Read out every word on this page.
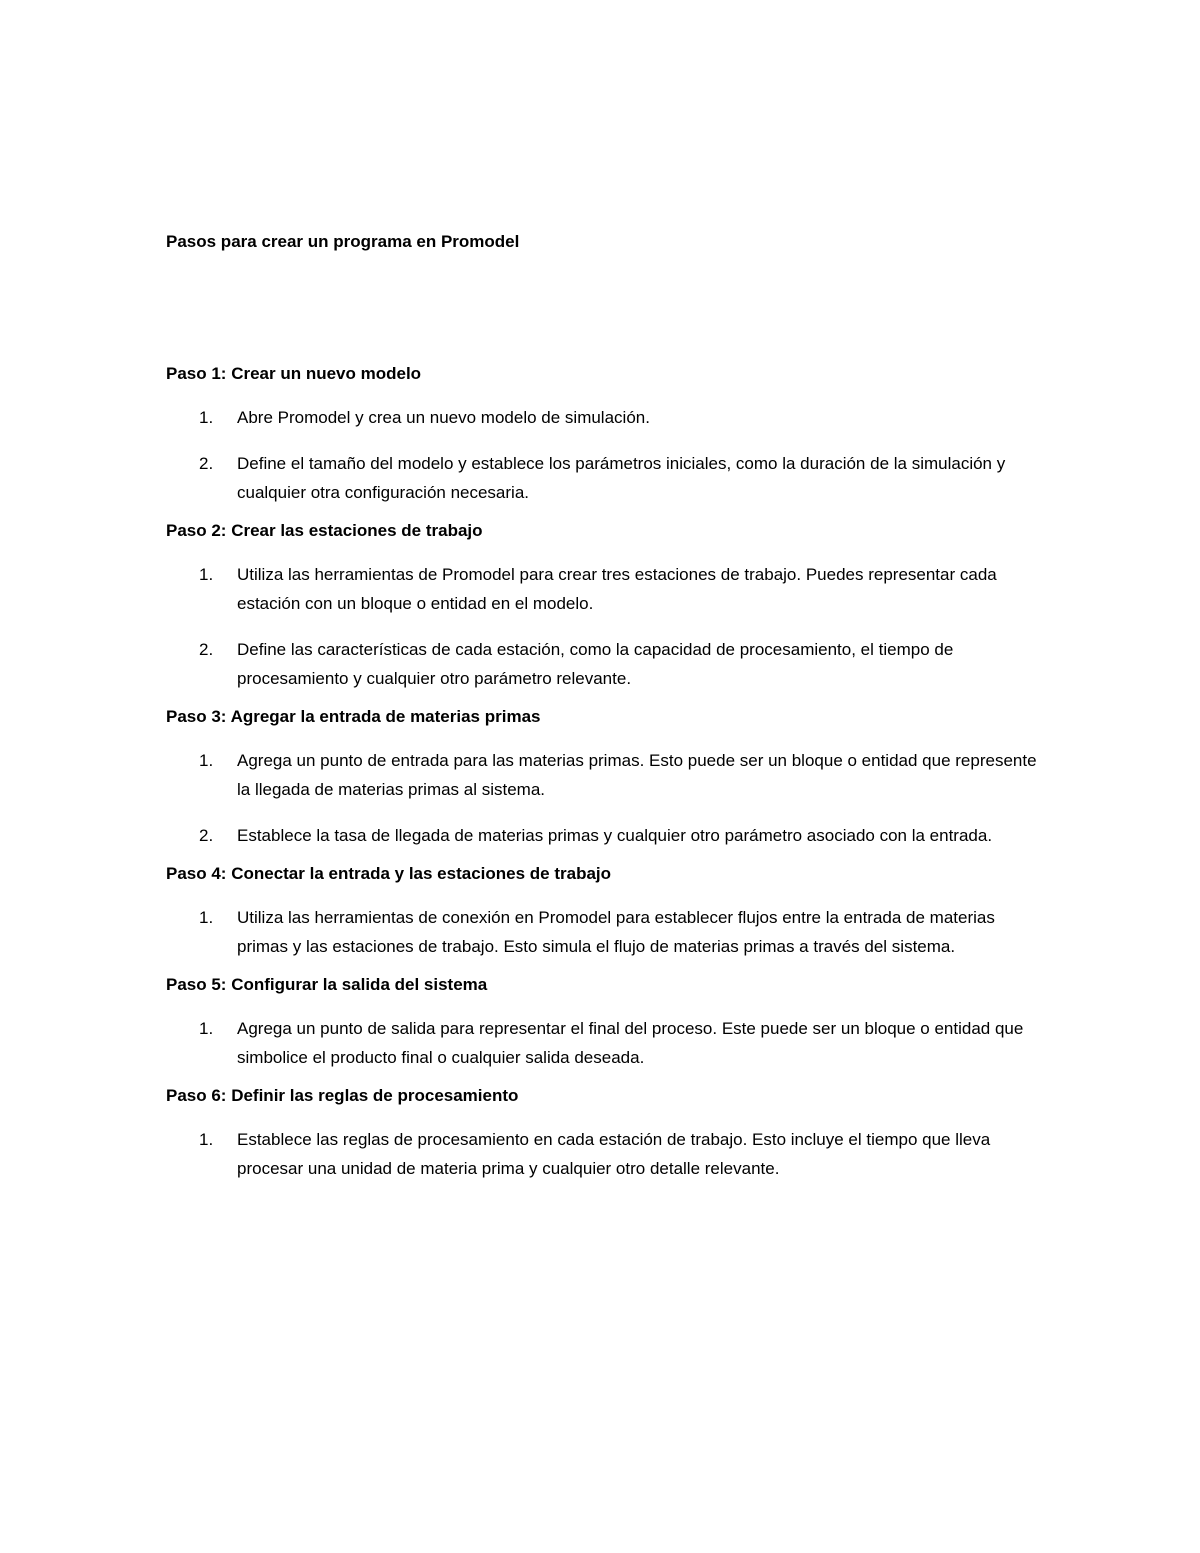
Pasos para crear un programa en Promodel
Paso 1: Crear un nuevo modelo
1. Abre Promodel y crea un nuevo modelo de simulación.
2. Define el tamaño del modelo y establece los parámetros iniciales, como la duración de la simulación y cualquier otra configuración necesaria.
Paso 2: Crear las estaciones de trabajo
1. Utiliza las herramientas de Promodel para crear tres estaciones de trabajo. Puedes representar cada estación con un bloque o entidad en el modelo.
2. Define las características de cada estación, como la capacidad de procesamiento, el tiempo de procesamiento y cualquier otro parámetro relevante.
Paso 3: Agregar la entrada de materias primas
1. Agrega un punto de entrada para las materias primas. Esto puede ser un bloque o entidad que represente la llegada de materias primas al sistema.
2. Establece la tasa de llegada de materias primas y cualquier otro parámetro asociado con la entrada.
Paso 4: Conectar la entrada y las estaciones de trabajo
1. Utiliza las herramientas de conexión en Promodel para establecer flujos entre la entrada de materias primas y las estaciones de trabajo. Esto simula el flujo de materias primas a través del sistema.
Paso 5: Configurar la salida del sistema
1. Agrega un punto de salida para representar el final del proceso. Este puede ser un bloque o entidad que simbolice el producto final o cualquier salida deseada.
Paso 6: Definir las reglas de procesamiento
1. Establece las reglas de procesamiento en cada estación de trabajo. Esto incluye el tiempo que lleva procesar una unidad de materia prima y cualquier otro detalle relevante.
